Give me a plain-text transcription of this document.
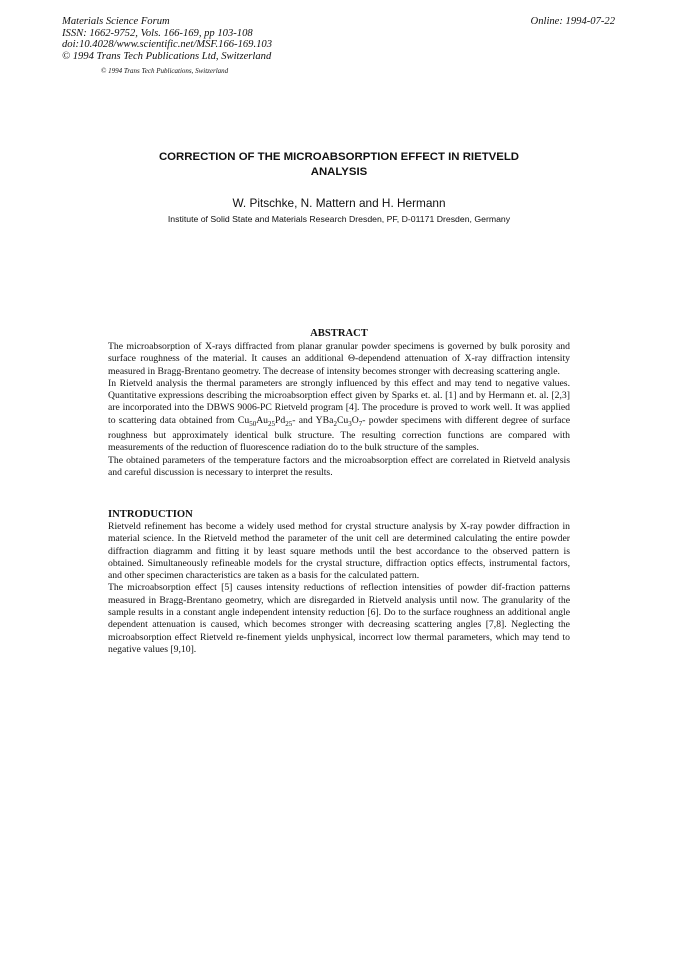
Materials Science Forum
ISSN: 1662-9752, Vols. 166-169, pp 103-108
doi:10.4028/www.scientific.net/MSF.166-169.103
© 1994 Trans Tech Publications Ltd, Switzerland
Online: 1994-07-22
© 1994 Trans Tech Publications, Switzerland
CORRECTION OF THE MICROABSORPTION EFFECT IN RIETVELD
ANALYSIS
W. Pitschke, N. Mattern and H. Hermann
Institute of Solid State and Materials Research Dresden, PF, D-01171 Dresden, Germany
ABSTRACT

The microabsorption of X-rays diffracted from planar granular powder specimens is governed by bulk porosity and surface roughness of the material. It causes an additional Θ-dependend attenuation of X-ray diffraction intensity measured in Bragg-Brentano geometry. The decrease of intensity becomes stronger with decreasing scattering angle.

In Rietveld analysis the thermal parameters are strongly influenced by this effect and may tend to negative values. Quantitative expressions describing the microabsorption effect given by Sparks et. al. [1] and by Hermann et. al. [2,3] are incorporated into the DBWS 9006-PC Rietveld program [4]. The procedure is proved to work well. It was applied to scattering data obtained from $Cu_{50}Au_{25}Pd_{25}-$ and $YBa_2Cu_3O_7-$ powder specimens with different degree of surface roughness but approximately identical bulk structure. The resulting correction functions are compared with measurements of the reduction of fluorescence radiation do to the bulk structure of the samples.

The obtained parameters of the temperature factors and the microabsorption effect are correlated in Rietveld analysis and careful discussion is necessary to interpret the results.

INTRODUCTION

Rietveld refinement has become a widely used method for crystal structure analysis by X-ray powder diffraction in material science. In the Rietveld method the parameter of the unit cell are determined calculating the entire powder diffraction diagramm and fitting it by least square methods until the best accordance to the observed pattern is obtained. Simultaneously refineable models for the crystal structure, diffraction optics effects, instrumental factors, and other specimen characteristics are taken as a basis for the calculated pattern.

The microabsorption effect [5] causes intensity reductions of reflection intensities of powder dif-fraction patterns measured in Bragg-Brentano geometry, which are disregarded in Rietveld analysis until now. The granularity of the sample results in a constant angle independent intensity reduction [6]. Do to the surface roughness an additional angle dependent attenuation is caused, which becomes stronger with decreasing scattering angles [7,8]. Neglecting the microabsorption effect Rietveld re-finement yields unphysical, incorrect low thermal parameters, which may tend to negative values [9,10].
